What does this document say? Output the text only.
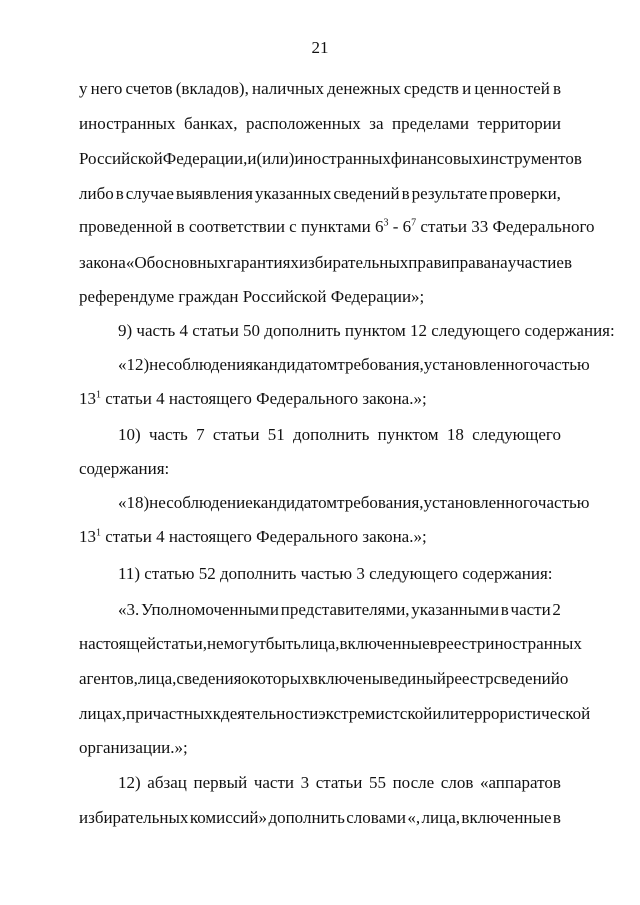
21
у него счетов (вкладов), наличных денежных средств и ценностей в
иностранных банках, расположенных за пределами территории
Российской Федерации, и (или) иностранных финансовых инструментов
либо в случае выявления указанных сведений в результате проверки,
проведенной в соответствии с пунктами $6^3 - 6^7$ статьи 33 Федерального
закона «Об основных гарантиях избирательных прав и права на участие в
референдуме граждан Российской Федерации»;
9) часть 4 статьи 50 дополнить пунктом 12 следующего содержания:
«12) несоблюдения кандидатом требования, установленного частью
$13^1$ статьи 4 настоящего Федерального закона.»;
10) часть 7 статьи 51 дополнить пунктом 18 следующего
содержания:
«18) несоблюдение кандидатом требования, установленного частью
$13^1$ статьи 4 настоящего Федерального закона.»;
11) статью 52 дополнить частью 3 следующего содержания:
«3. Уполномоченными представителями, указанными в части 2
настоящей статьи, не могут быть лица, включенные в реестр иностранных
агентов, лица, сведения о которых включены в единый реестр сведений о
лицах, причастных к деятельности экстремистской или террористической
организации.»;
12) абзац первый части 3 статьи 55 после слов «аппаратов
избирательных комиссий» дополнить словами «, лица, включенные в
